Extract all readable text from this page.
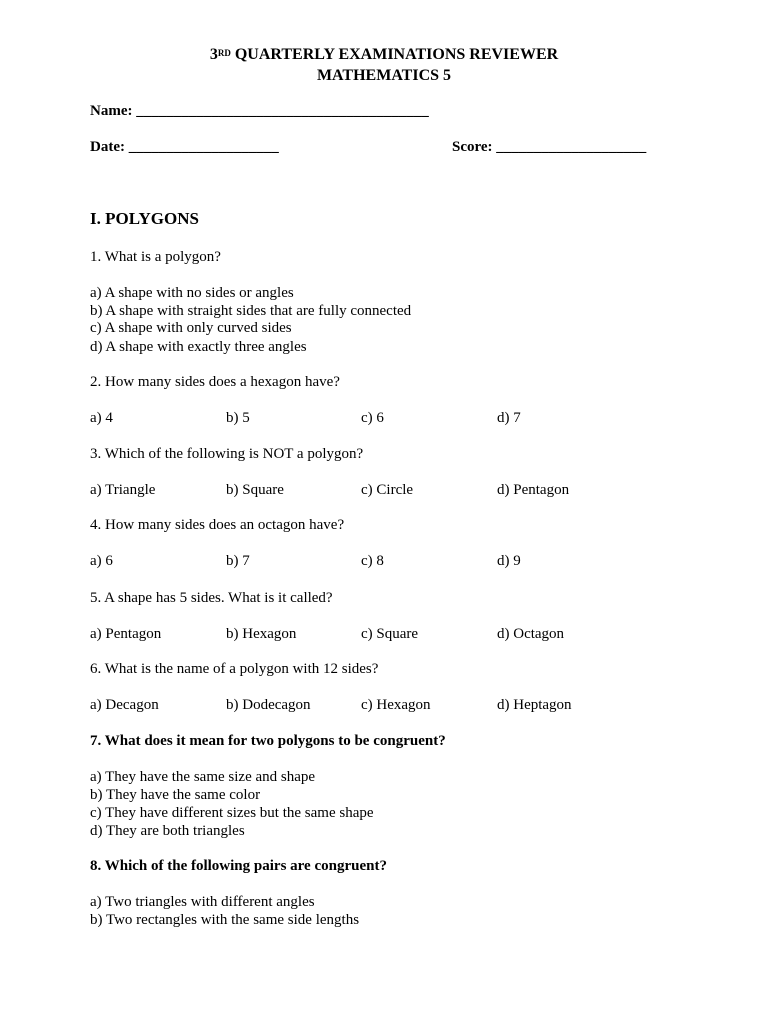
3RD QUARTERLY EXAMINATIONS REVIEWER
MATHEMATICS 5
Name: _______________________________________
Date: ____________________	Score: ____________________
I. POLYGONS
1. What is a polygon?
a) A shape with no sides or angles
b) A shape with straight sides that are fully connected
c) A shape with only curved sides
d) A shape with exactly three angles
2. How many sides does a hexagon have?
a) 4	b) 5	c) 6	d) 7
3. Which of the following is NOT a polygon?
a) Triangle	b) Square	c) Circle	d) Pentagon
4. How many sides does an octagon have?
a) 6	b) 7	c) 8	d) 9
5. A shape has 5 sides. What is it called?
a) Pentagon	b) Hexagon	c) Square	d) Octagon
6. What is the name of a polygon with 12 sides?
a) Decagon	b) Dodecagon	c) Hexagon	d) Heptagon
7. What does it mean for two polygons to be congruent?
a) They have the same size and shape
b) They have the same color
c) They have different sizes but the same shape
d) They are both triangles
8. Which of the following pairs are congruent?
a) Two triangles with different angles
b) Two rectangles with the same side lengths
